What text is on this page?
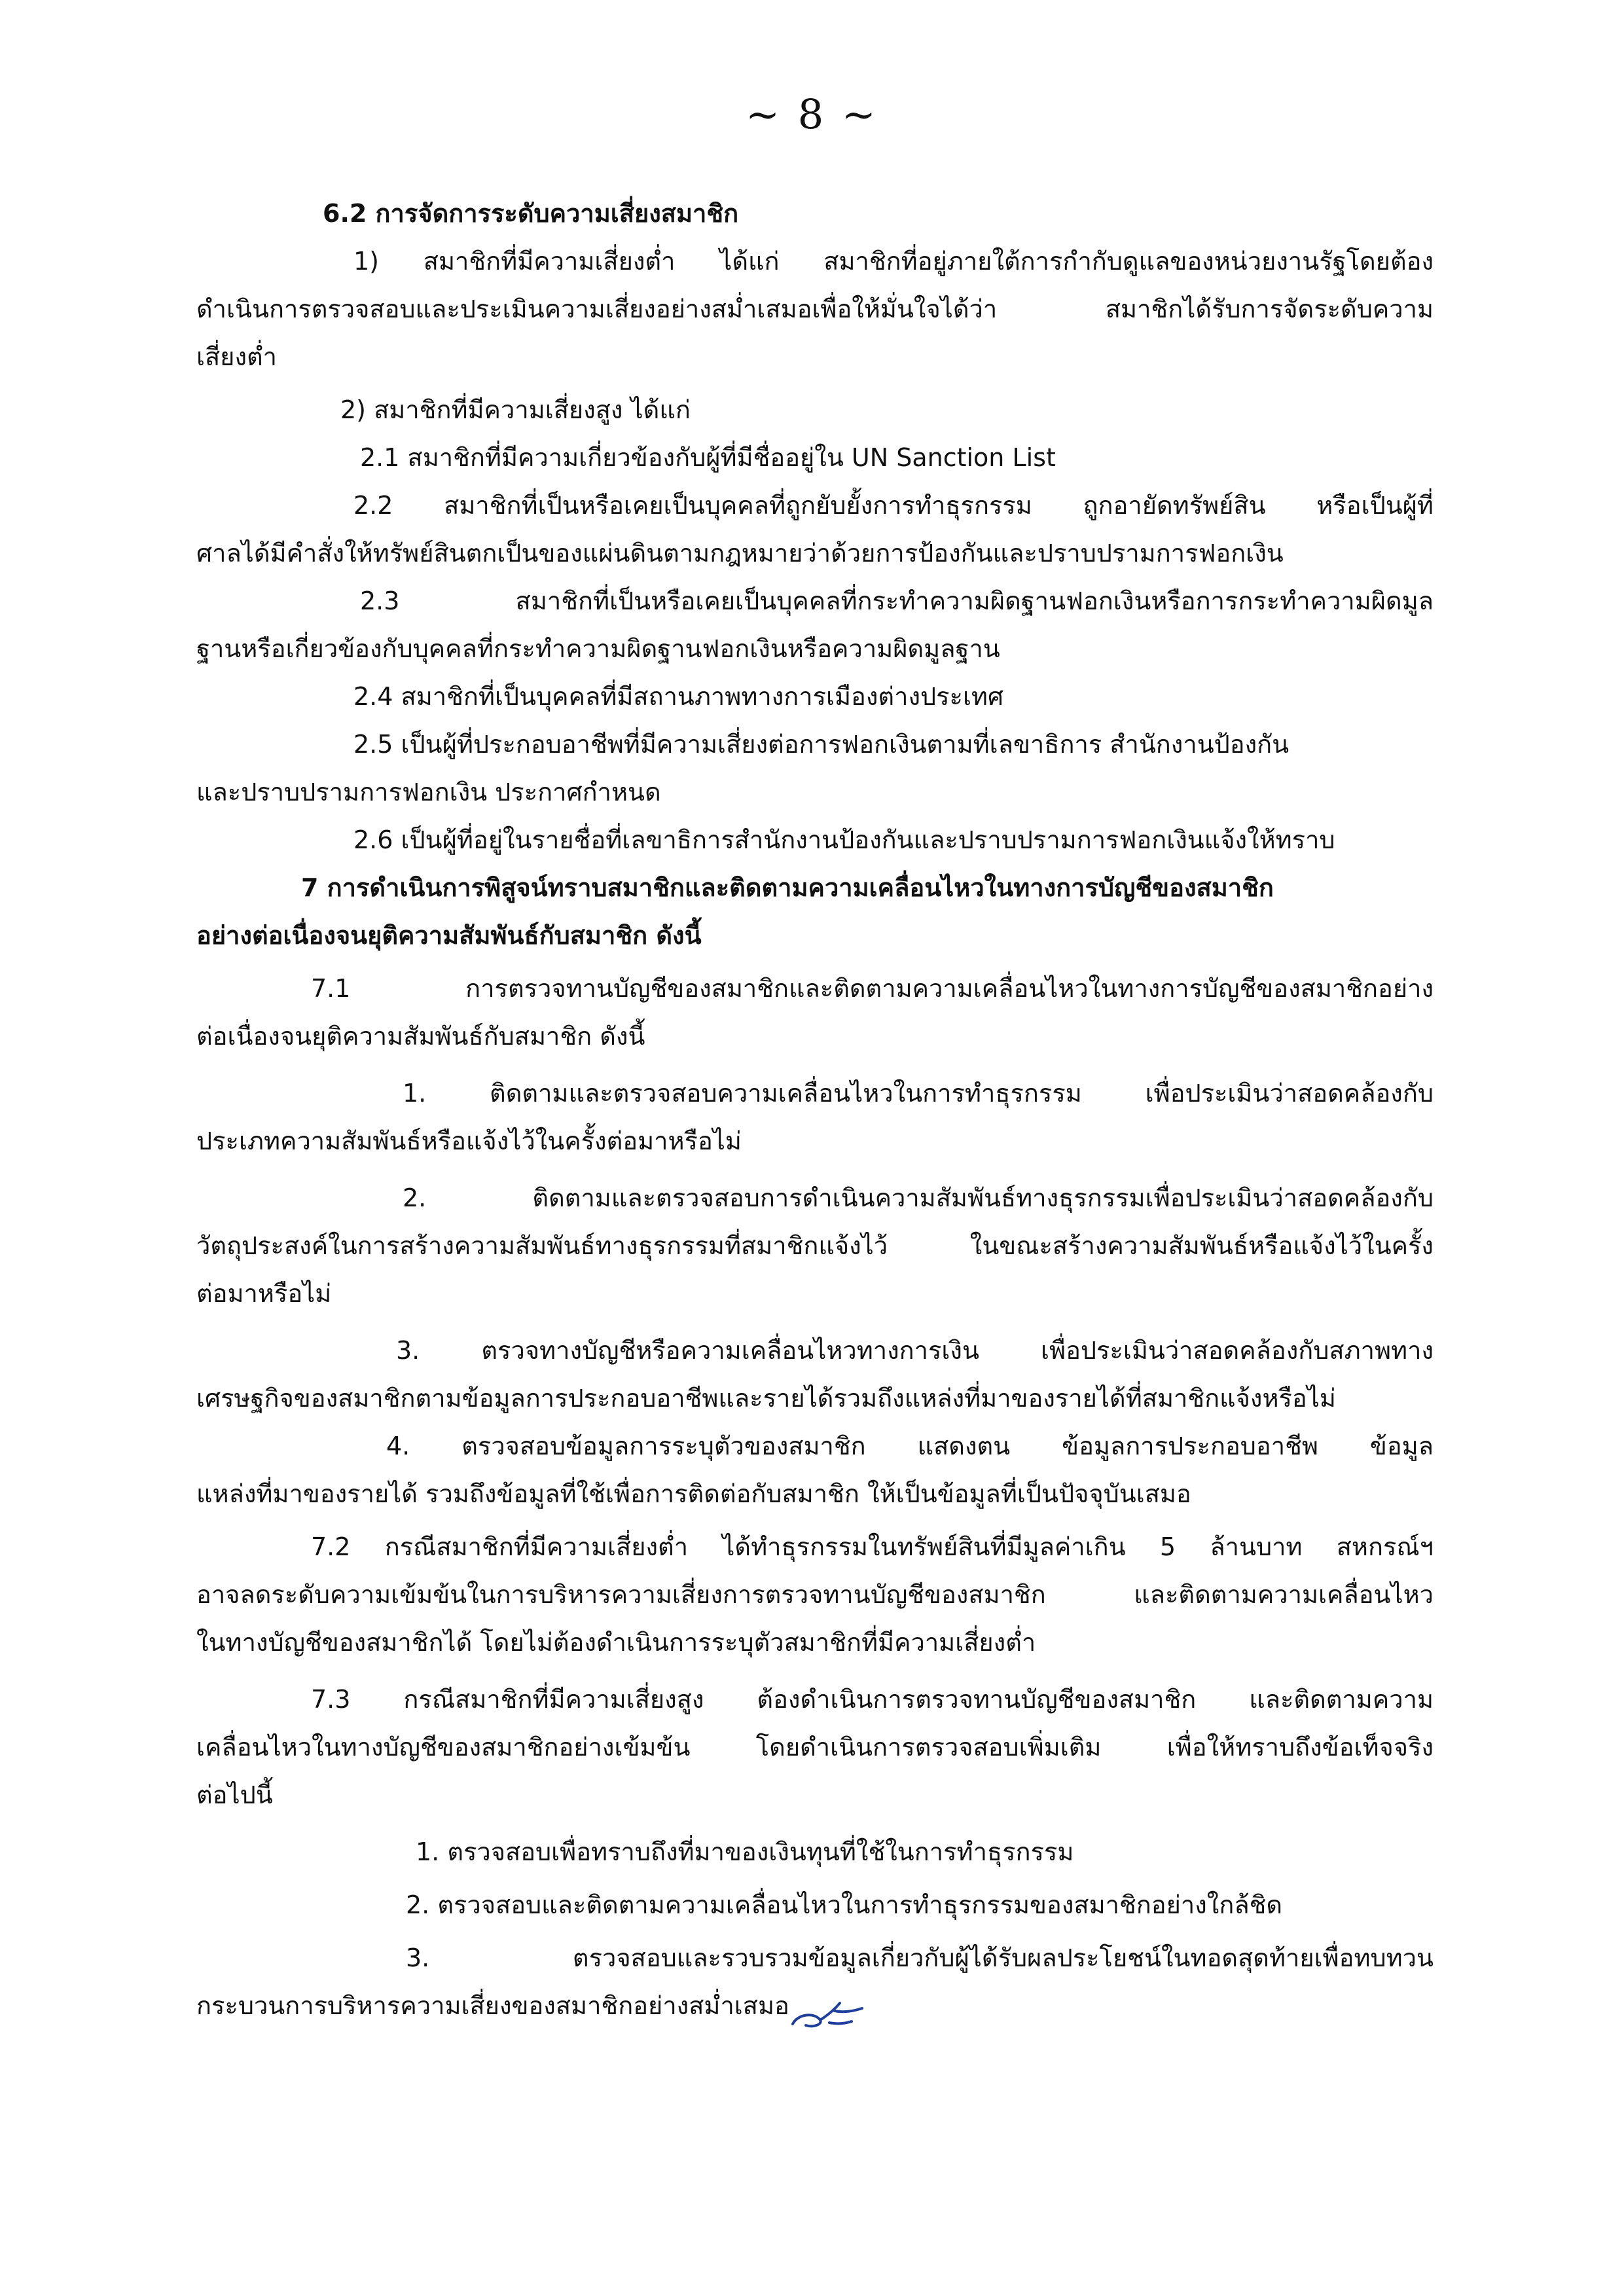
~ 8 ~
6.2 การจัดการระดับความเสี่ยงสมาชิก
1) สมาชิกที่มีความเสี่ยงต่ำ ได้แก่ สมาชิกที่อยู่ภายใต้การกำกับดูแลของหน่วยงานรัฐโดยต้อง
ดำเนินการตรวจสอบและประเมินความเสี่ยงอย่างสม่ำเสมอเพื่อให้มั่นใจได้ว่า สมาชิกได้รับการจัดระดับความ
เสี่ยงต่ำ
2) สมาชิกที่มีความเสี่ยงสูง ได้แก่
2.1 สมาชิกที่มีความเกี่ยวข้องกับผู้ที่มีชื่ออยู่ใน UN Sanction List
2.2 สมาชิกที่เป็นหรือเคยเป็นบุคคลที่ถูกยับยั้งการทำธุรกรรม ถูกอายัดทรัพย์สิน หรือเป็นผู้ที่
ศาลได้มีคำสั่งให้ทรัพย์สินตกเป็นของแผ่นดินตามกฎหมายว่าด้วยการป้องกันและปราบปรามการฟอกเงิน
2.3 สมาชิกที่เป็นหรือเคยเป็นบุคคลที่กระทำความผิดฐานฟอกเงินหรือการกระทำความผิดมูล
ฐานหรือเกี่ยวข้องกับบุคคลที่กระทำความผิดฐานฟอกเงินหรือความผิดมูลฐาน
2.4 สมาชิกที่เป็นบุคคลที่มีสถานภาพทางการเมืองต่างประเทศ
2.5 เป็นผู้ที่ประกอบอาชีพที่มีความเสี่ยงต่อการฟอกเงินตามที่เลขาธิการ สำนักงานป้องกัน
และปราบปรามการฟอกเงิน ประกาศกำหนด
2.6 เป็นผู้ที่อยู่ในรายชื่อที่เลขาธิการสำนักงานป้องกันและปราบปรามการฟอกเงินแจ้งให้ทราบ
7 การดำเนินการพิสูจน์ทราบสมาชิกและติดตามความเคลื่อนไหวในทางการบัญชีของสมาชิก
อย่างต่อเนื่องจนยุติความสัมพันธ์กับสมาชิก ดังนี้
7.1 การตรวจทานบัญชีของสมาชิกและติดตามความเคลื่อนไหวในทางการบัญชีของสมาชิกอย่าง
ต่อเนื่องจนยุติความสัมพันธ์กับสมาชิก ดังนี้
1. ติดตามและตรวจสอบความเคลื่อนไหวในการทำธุรกรรม เพื่อประเมินว่าสอดคล้องกับ
ประเภทความสัมพันธ์หรือแจ้งไว้ในครั้งต่อมาหรือไม่
2. ติดตามและตรวจสอบการดำเนินความสัมพันธ์ทางธุรกรรมเพื่อประเมินว่าสอดคล้องกับ
วัตถุประสงค์ในการสร้างความสัมพันธ์ทางธุรกรรมที่สมาชิกแจ้งไว้ ในขณะสร้างความสัมพันธ์หรือแจ้งไว้ในครั้ง
ต่อมาหรือไม่
3. ตรวจทางบัญชีหรือความเคลื่อนไหวทางการเงิน เพื่อประเมินว่าสอดคล้องกับสภาพทาง
เศรษฐกิจของสมาชิกตามข้อมูลการประกอบอาชีพและรายได้รวมถึงแหล่งที่มาของรายได้ที่สมาชิกแจ้งหรือไม่
4. ตรวจสอบข้อมูลการระบุตัวของสมาชิก แสดงตน ข้อมูลการประกอบอาชีพ ข้อมูล
แหล่งที่มาของรายได้ รวมถึงข้อมูลที่ใช้เพื่อการติดต่อกับสมาชิก ให้เป็นข้อมูลที่เป็นปัจจุบันเสมอ
7.2 กรณีสมาชิกที่มีความเสี่ยงต่ำ ได้ทำธุรกรรมในทรัพย์สินที่มีมูลค่าเกิน 5 ล้านบาท สหกรณ์ฯ
อาจลดระดับความเข้มข้นในการบริหารความเสี่ยงการตรวจทานบัญชีของสมาชิก และติดตามความเคลื่อนไหว
ในทางบัญชีของสมาชิกได้ โดยไม่ต้องดำเนินการระบุตัวสมาชิกที่มีความเสี่ยงต่ำ
7.3 กรณีสมาชิกที่มีความเสี่ยงสูง ต้องดำเนินการตรวจทานบัญชีของสมาชิก และติดตามความ
เคลื่อนไหวในทางบัญชีของสมาชิกอย่างเข้มข้น โดยดำเนินการตรวจสอบเพิ่มเติม เพื่อให้ทราบถึงข้อเท็จจริง
ต่อไปนี้
1. ตรวจสอบเพื่อทราบถึงที่มาของเงินทุนที่ใช้ในการทำธุรกรรม
2. ตรวจสอบและติดตามความเคลื่อนไหวในการทำธุรกรรมของสมาชิกอย่างใกล้ชิด
3. ตรวจสอบและรวบรวมข้อมูลเกี่ยวกับผู้ได้รับผลประโยชน์ในทอดสุดท้ายเพื่อทบทวน
กระบวนการบริหารความเสี่ยงของสมาชิกอย่างสม่ำเสมอ
